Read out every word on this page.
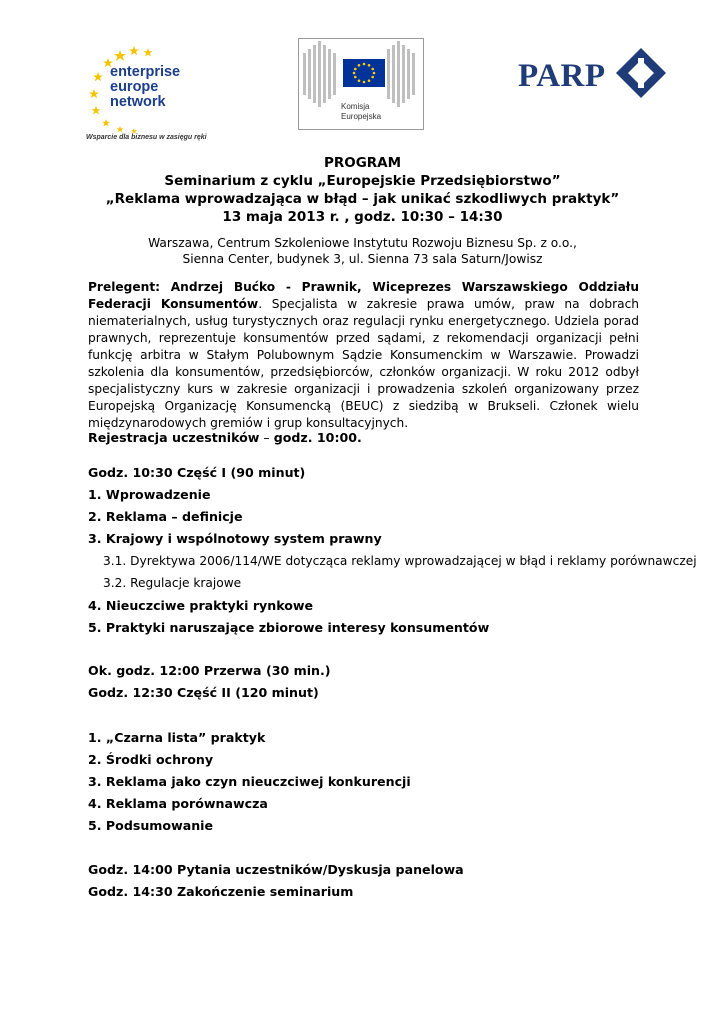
enterprise
europe
network
Wsparcie dla biznesu w zasięgu ręki
Komisja
Europejska
PARP
PROGRAM
Seminarium z cyklu „Europejskie Przedsiębiorstwo”
„Reklama wprowadzająca w błąd – jak unikać szkodliwych praktyk”
13 maja 2013 r. , godz. 10:30 – 14:30
Warszawa, Centrum Szkoleniowe Instytutu Rozwoju Biznesu Sp. z o.o.,
Sienna Center, budynek 3, ul. Sienna 73 sala Saturn/Jowisz
Prelegent: Andrzej Bućko - Prawnik, Wiceprezes Warszawskiego Oddziału Federacji Konsumentów. Specjalista w zakresie prawa umów, praw na dobrach niematerialnych, usług turystycznych oraz regulacji rynku energetycznego. Udziela porad prawnych, reprezentuje konsumentów przed sądami, z rekomendacji organizacji pełni funkcję arbitra w Stałym Polubownym Sądzie Konsumenckim w Warszawie. Prowadzi szkolenia dla konsumentów, przedsiębiorców, członków organizacji. W roku 2012 odbył specjalistyczny kurs w zakresie organizacji i prowadzenia szkoleń organizowany przez Europejską Organizację Konsumencką (BEUC) z siedzibą w Brukseli. Członek wielu międzynarodowych gremiów i grup konsultacyjnych.
Rejestracja uczestników – godz. 10:00.
Godz. 10:30 Część I (90 minut)
1. Wprowadzenie
2. Reklama – definicje
3. Krajowy i wspólnotowy system prawny
3.1. Dyrektywa 2006/114/WE dotycząca reklamy wprowadzającej w błąd i reklamy porównawczej
3.2. Regulacje krajowe
4. Nieuczciwe praktyki rynkowe
5. Praktyki naruszające zbiorowe interesy konsumentów
Ok. godz. 12:00 Przerwa (30 min.)
Godz. 12:30 Część II (120 minut)
1. „Czarna lista” praktyk
2. Środki ochrony
3. Reklama jako czyn nieuczciwej konkurencji
4. Reklama porównawcza
5. Podsumowanie
Godz. 14:00 Pytania uczestników/Dyskusja panelowa
Godz. 14:30 Zakończenie seminarium
